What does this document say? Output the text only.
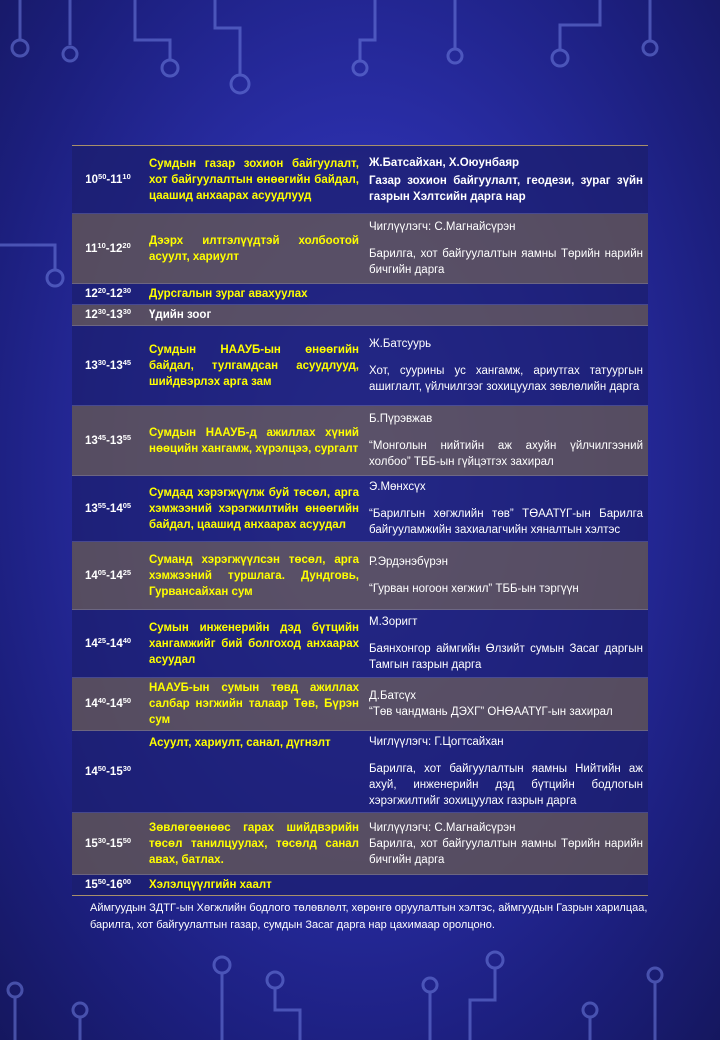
$10^{50}-11^{10}$	Сумдын газар зохион байгуулалт, хот байгуулалтын өнөөгийн байдал, цаашид анхаарах асуудлууд	Ж.Батсайхан, Х.Оюунбаяр
Газар зохион байгуулалт, геодези, зураг зүйн газрын Хэлтсийн дарга нар

$11^{10}-12^{20}$	Дээрх илтгэлүүдтэй холбоотой асуулт, хариулт	Чиглүүлэгч: С.Магнайсүрэн
Барилга, хот байгуулалтын яамны Төрийн нарийн бичгийн дарга

$12^{20}-12^{30}$	Дурсгалын зураг авахуулах	
$12^{30}-13^{30}$	Үдийн зоог	
$13^{30}-13^{45}$	Сумдын НААУБ-ын өнөөгийн байдал, тулгамдсан асуудлууд, шийдвэрлэх арга зам	Ж.Батсуурь
Хот, суурины ус хангамж, ариутгах татуургын ашиглалт, үйлчилгээг зохицуулах зөвлөлийн дарга

$13^{45}-13^{55}$	Сумдын НААУБ-д ажиллах хүний нөөцийн хангамж, хүрэлцээ, сургалт	Б.Пүрэвжав
“Монголын нийтийн аж ахуйн үйлчилгээний холбоо” ТББ-ын гүйцэтгэх захирал

$13^{55}-14^{05}$	Сумдад хэрэгжүүлж буй төсөл, арга хэмжээний хэрэгжилтийн өнөөгийн байдал, цаашид анхаарах асуудал	Э.Мөнхсүх
“Барилгын хөгжлийн төв” ТӨААТҮГ-ын Барилга байгууламжийн захиалагчийн хяналтын хэлтэс

$14^{05}-14^{25}$	Суманд хэрэгжүүлсэн төсөл, арга хэмжээний туршлага. Дундговь, Гурвансайхан сум	Р.Эрдэнэбүрэн
“Гурван ногоон хөгжил” ТББ-ын тэргүүн

$14^{25}-14^{40}$	Сумын инженерийн дэд бүтцийн хангамжийг бий болгоход анхаарах асуудал	М.Зоригт
Баянхонгор аймгийн Өлзийт сумын Засаг даргын Тамгын газрын дарга

$14^{40}-14^{50}$	НААУБ-ын сумын төвд ажиллах салбар нэгжийн талаар Төв, Бүрэн сум	Д.Батсүх
“Төв чандмань ДЭХГ” ОНӨААТҮГ-ын захирал

$14^{50}-15^{30}$	Асуулт, хариулт, санал, дүгнэлт	Чиглүүлэгч: Г.Цогтсайхан
Барилга, хот байгуулалтын яамны Нийтийн аж ахуй, инженерийн дэд бүтцийн бодлогын хэрэгжилтийг зохицуулах газрын дарга

$15^{30}-15^{50}$	Зөвлөгөөнөөс гарах шийдвэрийн төсөл танилцуулах, төсөлд санал авах, батлах.	Чиглүүлэгч: С.Магнайсүрэн
Барилга, хот байгуулалтын яамны Төрийн нарийн бичгийн дарга

$15^{50}-16^{00}$	Хэлэлцүүлгийн хаалт	
Аймгуудын ЗДТГ-ын Хөгжлийн бодлого төлөвлөлт, хөрөнгө оруулалтын хэлтэс, аймгуудын Газрын харилцаа, барилга, хот байгуулалтын газар, сумдын Засаг дарга нар цахимаар оролцоно.
